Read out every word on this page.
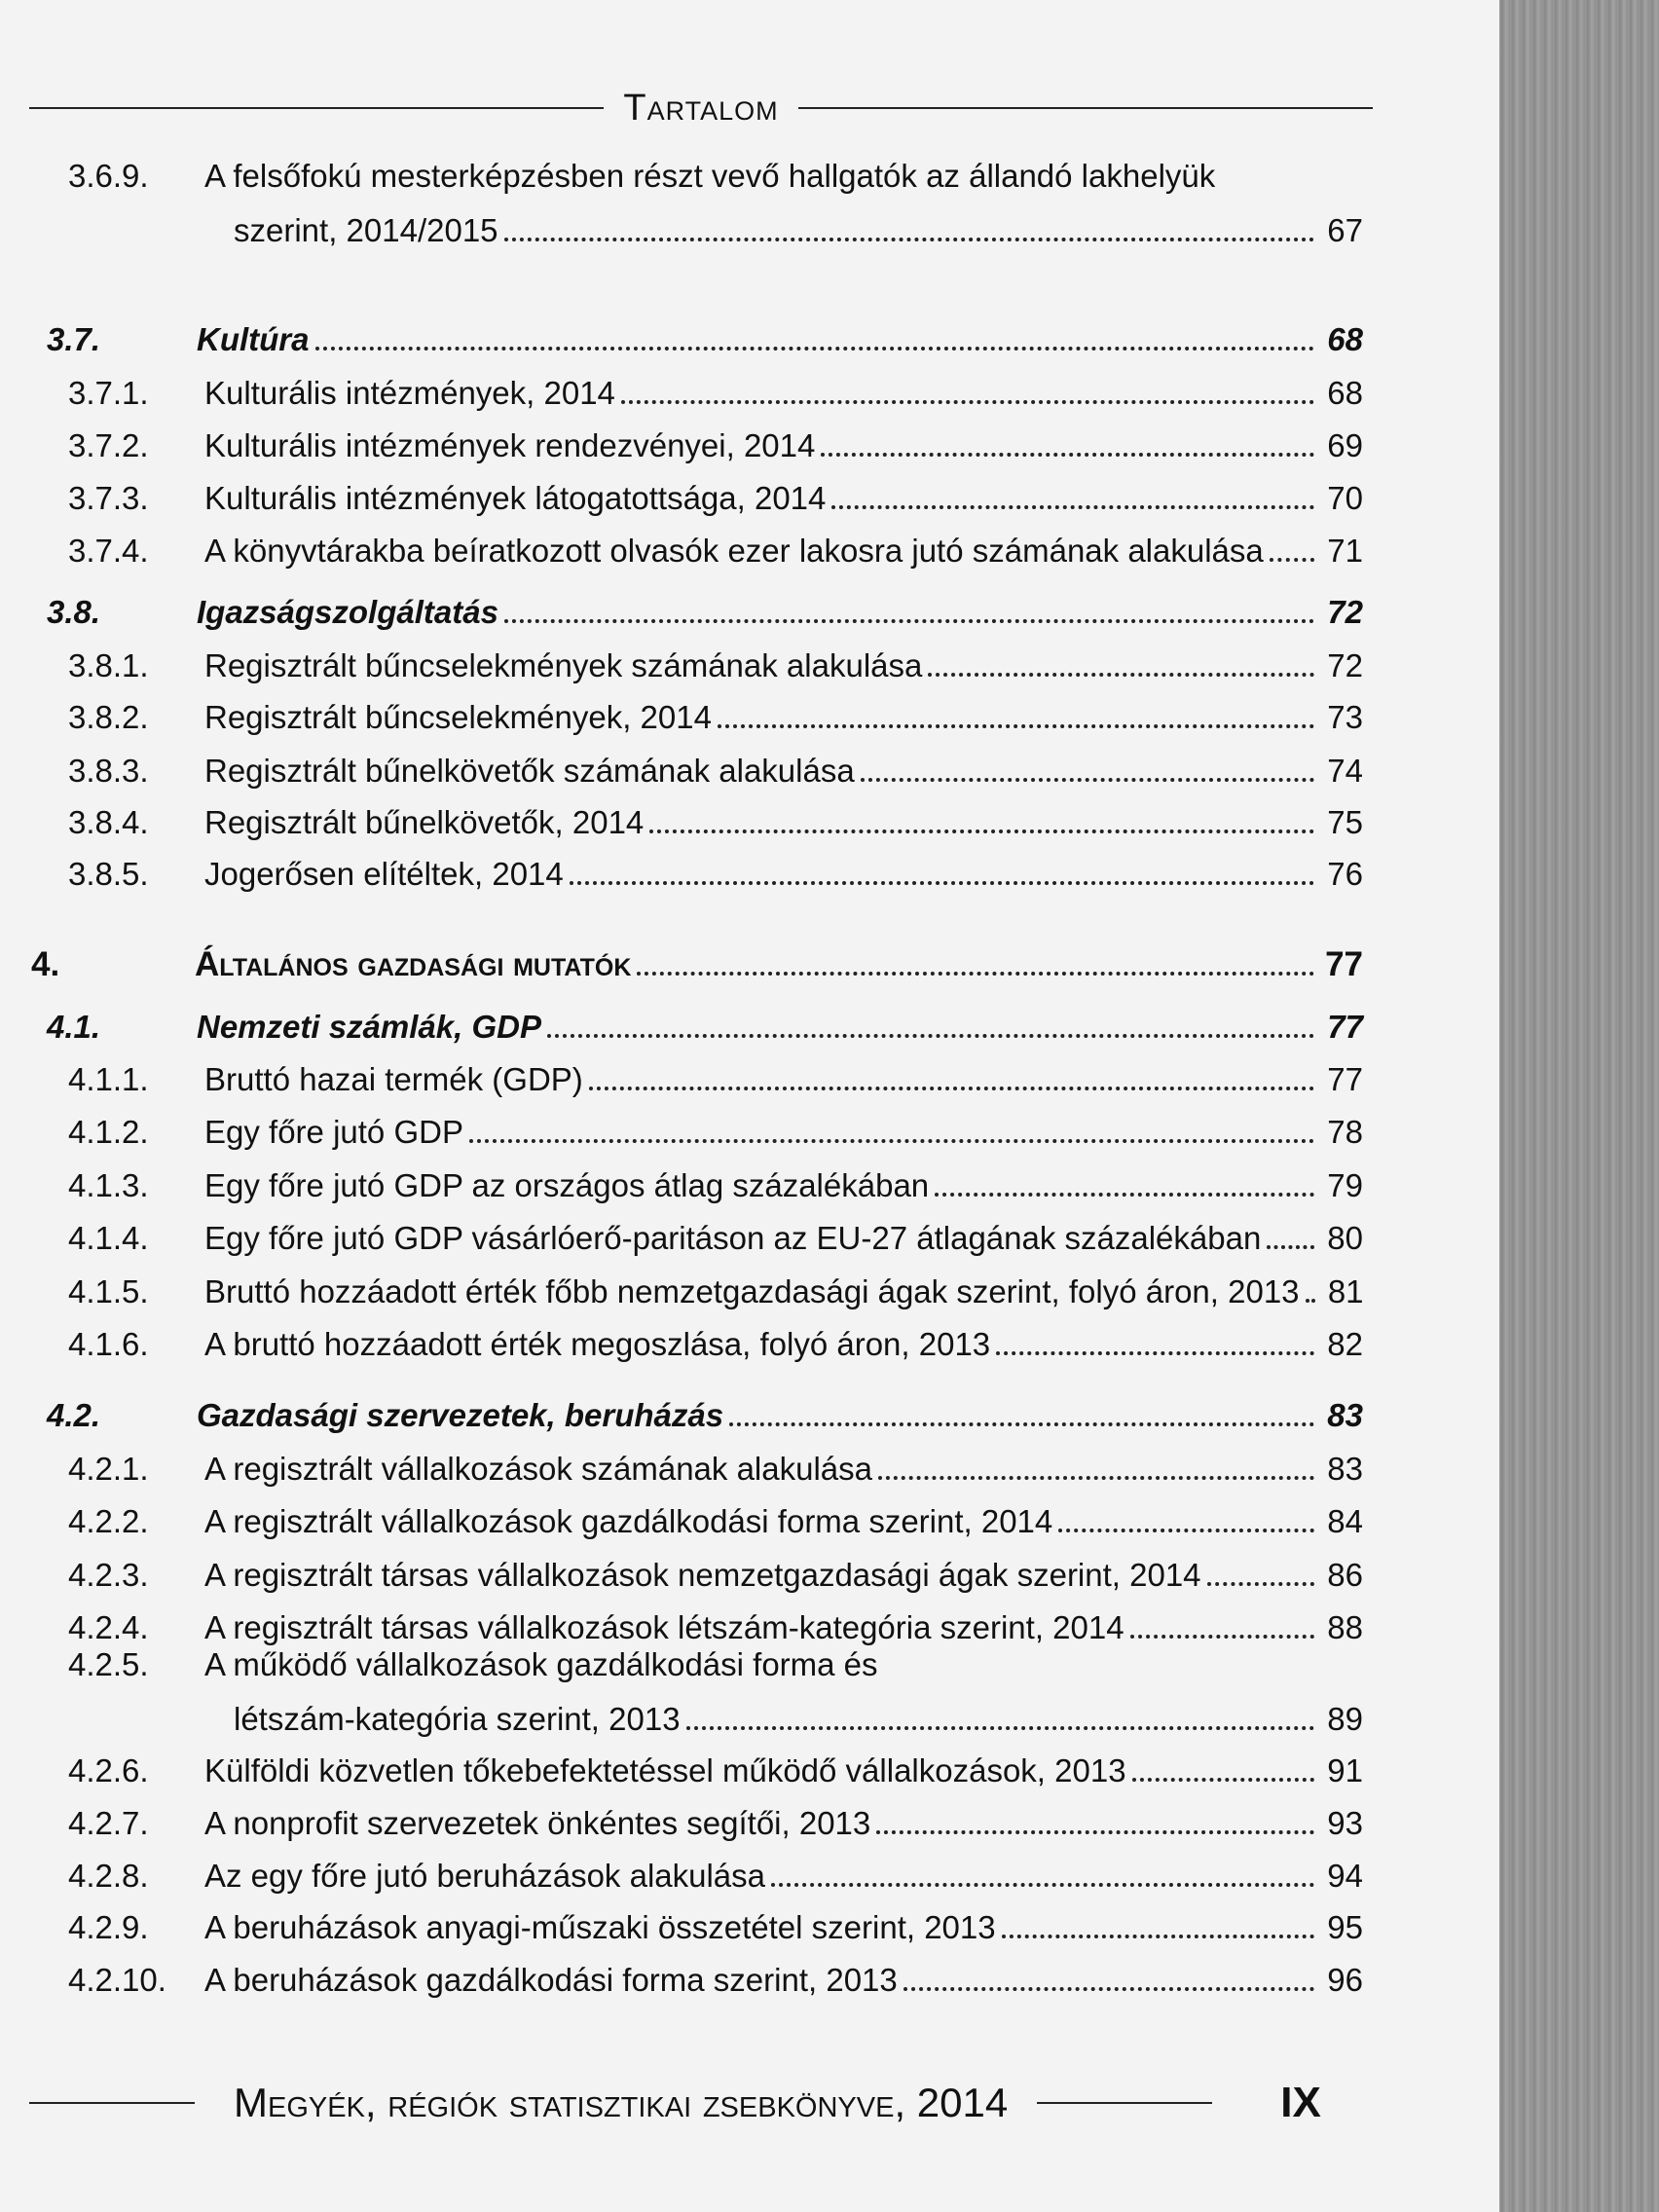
Tartalom
3.6.9.	A felsőfokú mesterképzésben részt vevő hallgatók az állandó lakhelyük
szerint, 2014/2015	67
3.7.	Kultúra	68
3.7.1.	Kulturális intézmények, 2014	68
3.7.2.	Kulturális intézmények rendezvényei, 2014	69
3.7.3.	Kulturális intézmények látogatottsága, 2014	70
3.7.4.	A könyvtárakba beíratkozott olvasók ezer lakosra jutó számának alakulása 71
3.8.	Igazságszolgáltatás	72
3.8.1.	Regisztrált bűncselekmények számának alakulása	72
3.8.2.	Regisztrált bűncselekmények, 2014	73
3.8.3.	Regisztrált bűnelkövetők számának alakulása	74
3.8.4.	Regisztrált bűnelkövetők, 2014	75
3.8.5.	Jogerősen elítéltek, 2014	76
4.	Általános gazdasági mutatók	77
4.1.	Nemzeti számlák, GDP	77
4.1.1.	Bruttó hazai termék (GDP)	77
4.1.2.	Egy főre jutó GDP	78
4.1.3.	Egy főre jutó GDP az országos átlag százalékában	79
4.1.4.	Egy főre jutó GDP vásárlóerő-paritáson az EU-27 átlagának százalékában 80
4.1.5.	Bruttó hozzáadott érték főbb nemzetgazdasági ágak szerint, folyó áron, 2013 81
4.1.6.	A bruttó hozzáadott érték megoszlása, folyó áron, 2013	82
4.2.	Gazdasági szervezetek, beruházás	83
4.2.1.	A regisztrált vállalkozások számának alakulása	83
4.2.2.	A regisztrált vállalkozások gazdálkodási forma szerint, 2014	84
4.2.3.	A regisztrált társas vállalkozások nemzetgazdasági ágak szerint, 2014	86
4.2.4.	A regisztrált társas vállalkozások létszám-kategória szerint, 2014	88
4.2.5.	A működő vállalkozások gazdálkodási forma és
létszám-kategória szerint, 2013	89
4.2.6.	Külföldi közvetlen tőkebefektetéssel működő vállalkozások, 2013	91
4.2.7.	A nonprofit szervezetek önkéntes segítői, 2013	93
4.2.8.	Az egy főre jutó beruházások alakulása	94
4.2.9.	A beruházások anyagi-műszaki összetétel szerint, 2013	95
4.2.10.	A beruházások gazdálkodási forma szerint, 2013	96
Megyék, régiók statisztikai zsebkönyve, 2014	IX
